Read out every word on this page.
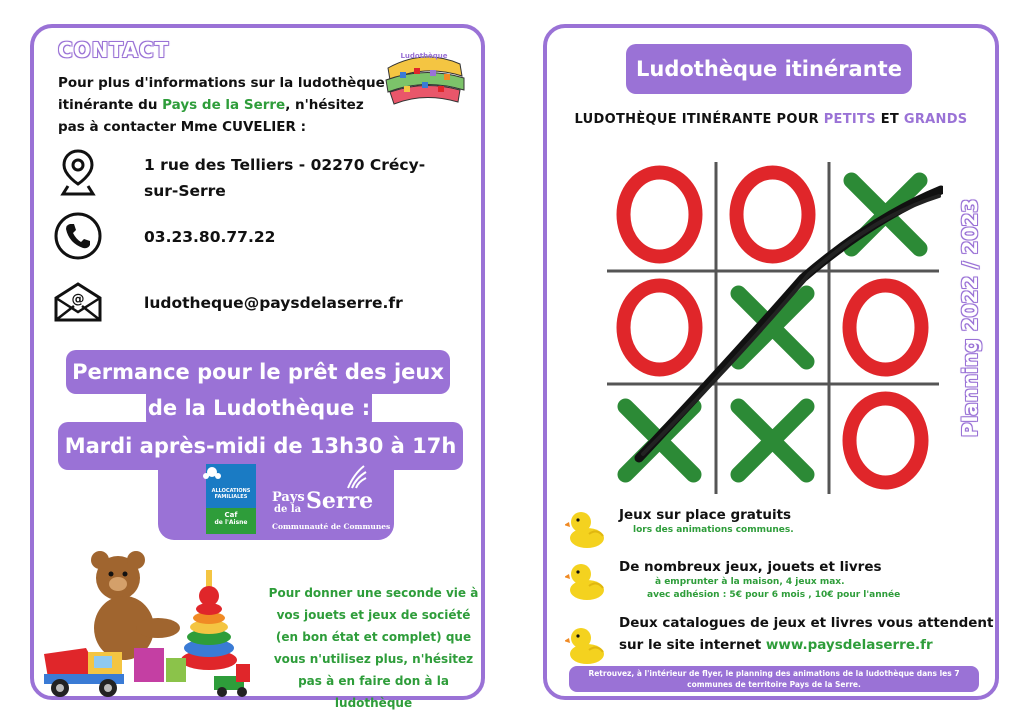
CONTACT	Ludothèque
Pour plus d'informations sur la ludothèque itinérante du Pays de la Serre, n'hésitez pas à contacter Mme CUVELIER :
1 rue des Telliers - 02270 Crécy-sur-Serre
03.23.80.77.22
@	ludotheque@paysdelaserre.fr
Permance pour le prêt des jeux
de la Ludothèque :
Mardi après-midi de 13h30 à 17h
ALLOCATIONS FAMILIALES
Caf
de l'Aisne
Pays Serre
de la
Communauté de Communes
Pour donner une seconde vie à vos jouets et jeux de société (en bon état et complet) que vous n'utilisez plus, n'hésitez pas à en faire don à la ludothèque
Ludothèque itinérante
LUDOTHÈQUE ITINÉRANTE POUR PETITS ET GRANDS
Planning 2022 / 2023
Jeux sur place gratuits
lors des animations communes.
De nombreux jeux, jouets et livres
à emprunter à la maison, 4 jeux max.
avec adhésion : 5€ pour 6 mois , 10€ pour l'année
Deux catalogues de jeux et livres vous attendent
sur le site internet www.paysdelaserre.fr
Retrouvez, à l'intérieur de flyer, le planning des animations de la ludothèque dans les 7 communes de territoire Pays de la Serre.
